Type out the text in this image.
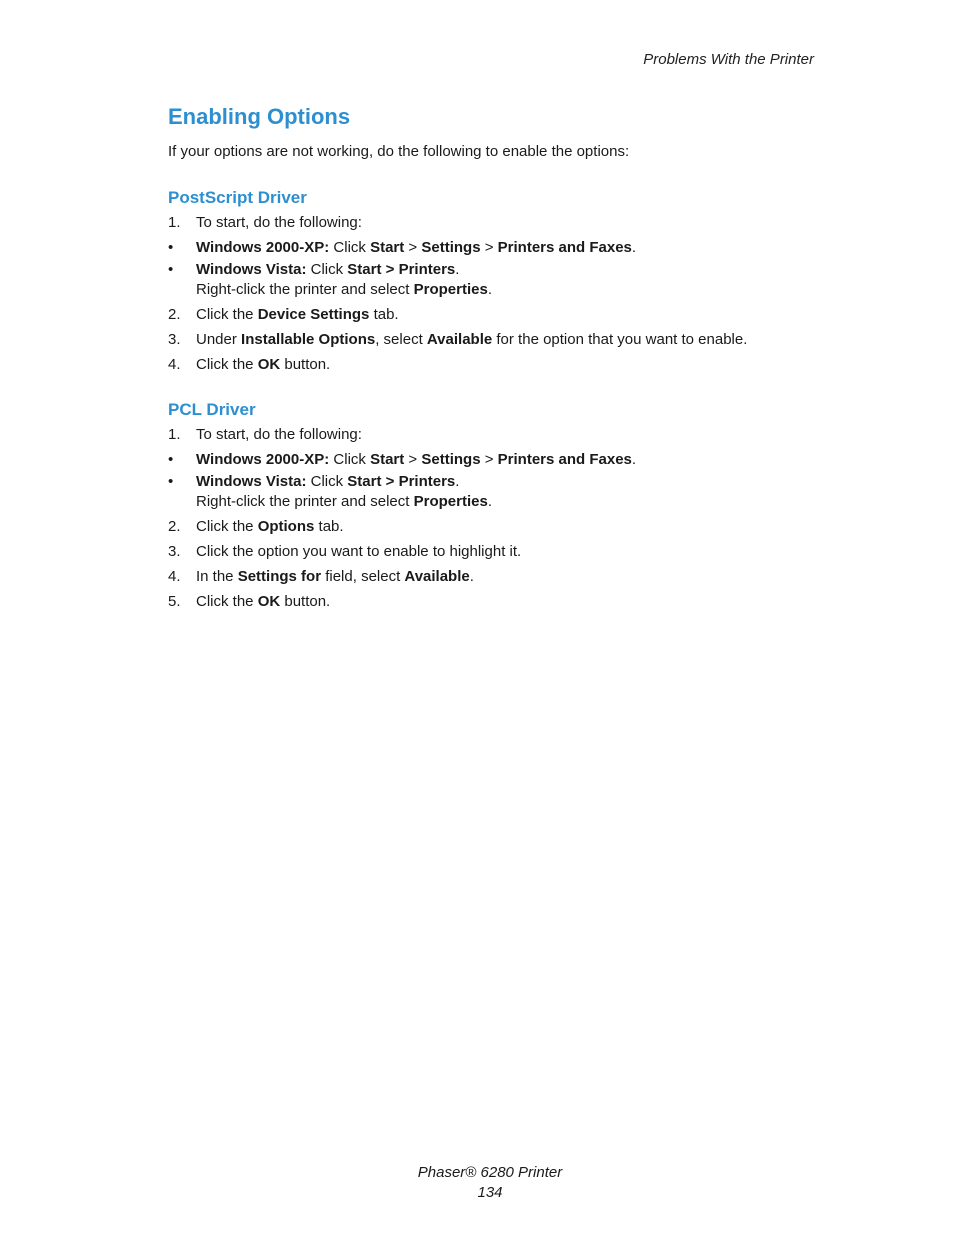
Problems With the Printer
Enabling Options

If your options are not working, do the following to enable the options:

PostScript Driver
1. To start, do the following:
• Windows 2000-XP: Click Start > Settings > Printers and Faxes.
• Windows Vista: Click Start > Printers.
Right-click the printer and select Properties.
2. Click the Device Settings tab.
3. Under Installable Options, select Available for the option that you want to enable.
4. Click the OK button.
PCL Driver
1. To start, do the following:
• Windows 2000-XP: Click Start > Settings > Printers and Faxes.
• Windows Vista: Click Start > Printers.
Right-click the printer and select Properties.
2. Click the Options tab.
3. Click the option you want to enable to highlight it.
4. In the Settings for field, select Available.
5. Click the OK button.
Phaser® 6280 Printer
134
